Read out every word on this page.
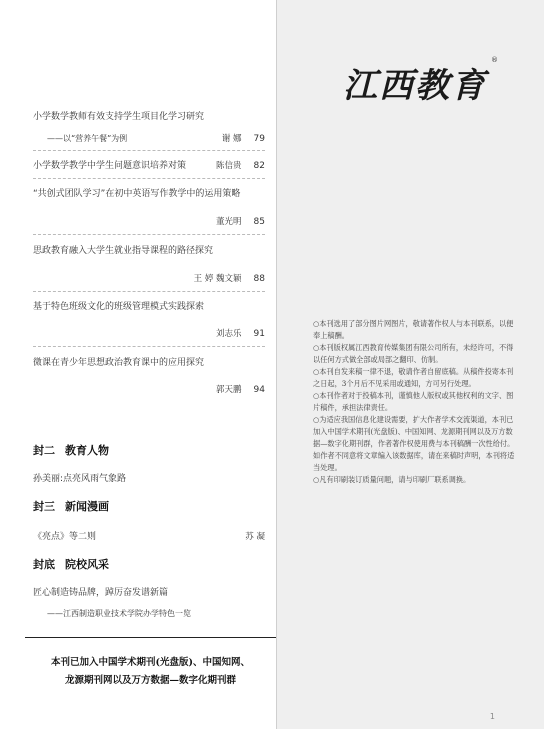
小学数学教师有效支持学生项目化学习研究
——以“营养午餐”为例	谢 娜 79
小学数学教学中学生问题意识培养对策	陈信贵 82
“共创式团队学习”在初中英语写作教学中的运用策略
董光明 85
思政教育融入大学生就业指导课程的路径探究
王 婷 魏文颖 88
基于特色班级文化的班级管理模式实践探索
刘志乐 91
微课在青少年思想政治教育课中的应用探究
郭天鹏 94
封二 教育人物
孙美丽:点亮风雨气象路
封三 新闻漫画
《亮点》等二则	苏 凝
封底 院校风采
匠心制造铸品牌，踔厉奋发谱新篇
——江西制造职业技术学院办学特色一览
本刊已加入中国学术期刊(光盘版)、中国知网、
龙源期刊网以及万方数据—数字化期刊群
江西教育
®

○本刊选用了部分图片网图片，敬请著作权人与本刊联系，以便奉上稿酬。

○本刊版权属江西教育传媒集团有限公司所有，未经许可，不得以任何方式做全部或局部之翻印、仿制。

○本刊自发来稿一律不退，敬请作者自留底稿。从稿件投寄本刊之日起，3个月后不见采用或通知，方可另行处理。

○本刊作者对于投稿本刊，谨慎他人版权或其他权利的文字、图片稿件，承担法律责任。

○为适应我国信息化建设需要，扩大作者学术交流渠道，本刊已加入中国学术期刊(光盘版)、中国知网、龙源期刊网以及万方数据—数字化期刊群，作者著作权使用费与本刊稿酬一次性给付。如作者不同意将文章编入该数据库，请在来稿时声明，本刊将适当处理。

○凡有印刷装订质量问题，请与印刷厂联系调换。

1
